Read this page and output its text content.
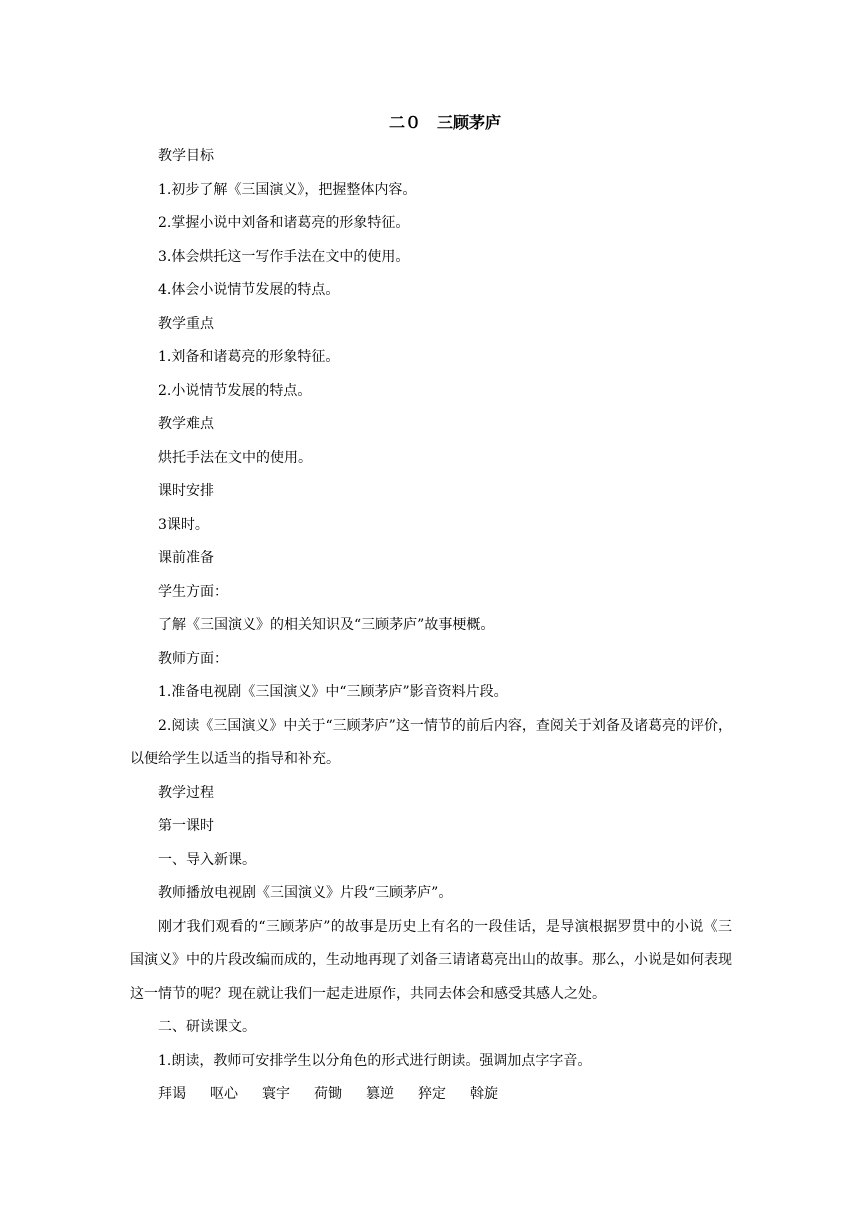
二０　三顾茅庐

教学目标

1.初步了解《三国演义》，把握整体内容。

2.掌握小说中刘备和诸葛亮的形象特征。

3.体会烘托这一写作手法在文中的使用。

4.体会小说情节发展的特点。

教学重点

1.刘备和诸葛亮的形象特征。

2.小说情节发展的特点。

教学难点

烘托手法在文中的使用。

课时安排

3课时。

课前准备

学生方面：

了解《三国演义》的相关知识及“三顾茅庐”故事梗概。

教师方面：

1.准备电视剧《三国演义》中“三顾茅庐”影音资料片段。

2.阅读《三国演义》中关于“三顾茅庐”这一情节的前后内容，查阅关于刘备及诸葛亮的评价，以便给学生以适当的指导和补充。

教学过程

第一课时

一、导入新课。

教师播放电视剧《三国演义》片段“三顾茅庐”。

刚才我们观看的“三顾茅庐”的故事是历史上有名的一段佳话，是导演根据罗贯中的小说《三国演义》中的片段改编而成的，生动地再现了刘备三请诸葛亮出山的故事。那么，小说是如何表现这一情节的呢？现在就让我们一起走进原作，共同去体会和感受其感人之处。

二、研读课文。

1.朗读，教师可安排学生以分角色的形式进行朗读。强调加点字字音。

拜谒 呕心 寰宇 荷锄 篡逆 猝定 斡旋
